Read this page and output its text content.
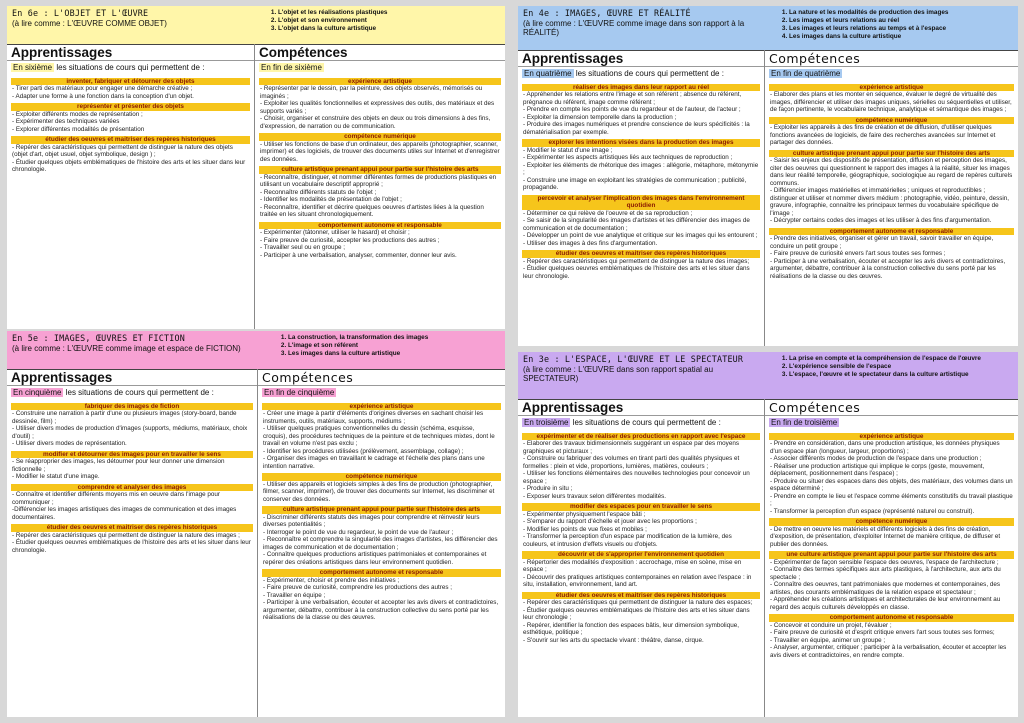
En 6e : L'OBJET ET L'ŒUVRE
(à lire comme : L'ŒUVRE COMME OBJET)
1. L'objet et les réalisations plastiques
2. L'objet et son environnement
3. L'objet dans la culture artistique
Apprentissages
En sixième les situations de cours qui permettent de :
inventer, fabriquer et détourner des objets
- Tirer parti des matériaux pour engager une démarche créative ;
- Adapter une forme à une fonction dans la conception d'un objet.
représenter et présenter des objets
- Exploiter différents modes de représentation ;
- Expérimenter des techniques variées
- Explorer différentes modalités de présentation
étudier des oeuvres et maitriser des repères historiques
- Repérer des caractéristiques qui permettent de distinguer la nature des objets (objet d'art, objet usuel, objet symbolique, design ) ;
- Étudier quelques objets emblématiques de l'histoire des arts et les situer dans leur chronologie.
Compétences
En fin de sixième
expérience artistique
- Représenter par le dessin, par la peinture, des objets observés, mémorisés ou imaginés ;
- Exploiter les qualités fonctionnelles et expressives des outils, des matériaux et des supports variés ;
- Choisir, organiser et construire des objets en deux ou trois dimensions à des fins, d'expression, de narration ou de communication.
compétence numérique
- Utiliser les fonctions de base d'un ordinateur, des appareils (photographier, scanner, imprimer) et des logiciels, de trouver des documents utiles sur Internet et d'enregistrer des données.
culture artistique prenant appui pour partie sur l'histoire des arts
- Reconnaître, distinguer, et nommer différentes formes de productions plastiques en utilisant un vocabulaire descriptif approprié ;
- Reconnaître différents statuts de l'objet ;
- Identifier les modalités de présentation de l'objet ;
- Reconnaître, identifier et décrire quelques oeuvres d'artistes liées à la question traitée en les situant chronologiquement.
comportement autonome et responsable
- Expérimenter (tâtonner, utiliser le hasard) et choisir ;
- Faire preuve de curiosité, accepter les productions des autres ;
- Travailler seul ou en groupe ;
- Participer à une verbalisation, analyser, commenter, donner leur avis.
En 5e : IMAGES, ŒUVRES ET FICTION
(à lire comme : L'ŒUVRE comme image et espace de FICTION)
1. La construction, la transformation des images
2. L'image et son référent
3. Les images dans la culture artistique
Apprentissages
En cinquième les situations de cours qui permettent de :
fabriquer des images de fiction
- Construire une narration à partir d'une ou plusieurs images (story-board, bande dessinée, film) ;
- Utiliser divers modes de production d'images (supports, médiums, matériaux, choix d'outil) ;
- Utiliser divers modes de représentation.
modifier et détourner des images pour en travailler le sens
- Se réapproprier des images, les détourner pour leur donner une dimension fictionnelle ;
- Modifier le statut d'une image.
comprendre et analyser des images
- Connaître et identifier différents moyens mis en oeuvre dans l'image pour communiquer ;
-Différencier les images artistiques des images de communication et des images documentaires.
étudier des oeuvres et maitriser des repères historiques
- Repérer des caractéristiques qui permettent de distinguer la nature des images ;
- Étudier quelques oeuvres emblématiques de l'histoire des arts et les situer dans leur chronologie.
Compétences
En fin de cinquième
expérience artistique
- Créer une image à partir d'éléments d'origines diverses en sachant choisir les instruments, outils, matériaux, supports, médiums ;
- Utiliser quelques pratiques conventionnelles du dessin (schéma, esquisse, croquis), des procédures techniques de la peinture et de techniques mixtes, dont le travail en volume n'est pas exclu ;
- Identifier les procédures utilisées (prélèvement, assemblage, collage) ;
- Organiser des images en travaillant le cadrage et l'échelle des plans dans une intention narrative.
compétence numérique
- Utiliser des appareils et logiciels simples à des fins de production (photographier, filmer, scanner, imprimer), de trouver des documents sur Internet, les discriminer et conserver des données.
culture artistique prenant appui pour partie sur l'histoire des arts
- Discriminer différents statuts des images pour comprendre et réinvestir leurs diverses potentialités ;
- Interroger le point de vue du regardeur, le point de vue de l'auteur ;
- Reconnaître et comprendre la singularité des images d'artistes, les différencier des images de communication et de documentation ;
- Connaître quelques productions artistiques patrimoniales et contemporaines et repérer des créations artistiques dans leur environnement quotidien.
comportement autonome et responsable
- Expérimenter, choisir et prendre des initiatives ;
- Faire preuve de curiosité, comprendre les productions des autres ;
- Travailler en équipe ;
- Participer à une verbalisation, écouter et accepter les avis divers et contradictoires, argumenter, débattre, contribuer à la construction collective du sens porté par les réalisations de la classe ou des œuvres.
En 4e : IMAGES, ŒUVRE ET RÉALITÉ
(à lire comme : L'ŒUVRE comme image dans son rapport à la RÉALITÉ)
1. La nature et les modalités de production des images
2. Les images et leurs relations au réel
3. Les images et leurs relations au temps et à l'espace
4. Les images dans la culture artistique
Apprentissages
En quatrième les situations de cours qui permettent de :
réaliser des images dans leur rapport au réel
- Appréhender les relations entre l'image et son référent ; absence du référent, prégnance du référent, image comme référent ;
- Prendre en compte les points de vue du regardeur et de l'auteur, de l'acteur ;
- Exploiter la dimension temporelle dans la production ;
- Produire des images numériques et prendre conscience de leurs spécificités : la dématérialisation par exemple.
explorer les intentions visées dans la production des images
- Modifier le statut d'une image ;
- Expérimenter les aspects artistiques liés aux techniques de reproduction ;
- Exploiter les éléments de rhétorique des images : allégorie, métaphore, métonymie ;
- Construire une image en exploitant les stratégies de communication ; publicité, propagande.
percevoir et analyser l'implication des images dans l'environnement quotidien
- Déterminer ce qui relève de l'oeuvre et de sa reproduction ;
- Se saisir de la singularité des images d'artistes et les différencier des images de communication et de documentation ;
- Développer un point de vue analytique et critique sur les images qui les entourent ;
- Utiliser des images à des fins d'argumentation.
étudier des oeuvres et maitriser des repères historiques
- Repérer des caractéristiques qui permettent de distinguer la nature des images;
- Étudier quelques oeuvres emblématiques de l'histoire des arts et les situer dans leur chronologie.
Compétences
En fin de quatrième
expérience artistique
- Elaborer des plans et les monter en séquence, évaluer le degré de virtualité des images, différencier et utiliser des images uniques, sérielles ou séquentielles et utiliser, de façon pertinente, le vocabulaire technique, analytique et sémantique des images ;
compétence numérique
- Exploiter les appareils à des fins de création et de diffusion, d'utiliser quelques fonctions avancées de logiciels, de faire des recherches avancées sur Internet et partager des données.
culture artistique prenant appui pour partie sur l'histoire des arts
- Saisir les enjeux des dispositifs de présentation, diffusion et perception des images, citer des oeuvres qui questionnent le rapport des images à la réalité, situer les images dans leur réalité temporelle, géographique, sociologique au regard de repères culturels communs.
- Différencier images matérielles et immatérielles ; uniques et reproductibles ; distinguer et utiliser et nommer divers médium : photographie, vidéo, peinture, dessin, gravure, infographie, connaître les principaux termes du vocabulaire spécifique de l'image ;
- Décrypter certains codes des images et les utiliser à des fins d'argumentation.
comportement autonome et responsable
- Prendre des initiatives, organiser et gérer un travail, savoir travailler en équipe, conduire un petit groupe ;
- Faire preuve de curiosité envers l'art sous toutes ses formes ;
- Participer à une verbalisation, écouter et accepter les avis divers et contradictoires, argumenter, débattre, contribuer à la construction collective du sens porté par les réalisations de la classe ou des œuvres.
En 3e : L'ESPACE, L'ŒUVRE ET LE SPECTATEUR
(à lire comme : L'ŒUVRE dans son rapport spatial au SPECTATEUR)
1. La prise en compte et la compréhension de l'espace de l'œuvre
2. L'expérience sensible de l'espace
3. L'espace, l'œuvre et le spectateur dans la culture artistique
Apprentissages
En troisième les situations de cours qui permettent de :
expérimenter et de réaliser des productions en rapport avec l'espace
- Elaborer des travaux bidimensionnels suggérant un espace par des moyens graphiques et picturaux ;
- Construire ou fabriquer des volumes en tirant parti des qualités physiques et formelles : plein et vide, proportions, lumières, matières, couleurs ;
- Utiliser les fonctions élémentaires des nouvelles technologies pour concevoir un espace ;
- Produire in situ ;
- Exposer leurs travaux selon différentes modalités.
modifier des espaces pour en travailler le sens
- Expérimenter physiquement l'espace bâti ;
- S'emparer du rapport d'échelle et jouer avec les proportions ;
- Modifier les points de vue fixes et mobiles ;
- Transformer la perception d'un espace par modification de la lumière, des couleurs, et intrusion d'effets visuels ou d'objets.
découvrir et de s'approprier l'environnement quotidien
- Répertorier des modalités d'exposition : accrochage, mise en scène, mise en espace ;
- Découvrir des pratiques artistiques contemporaines en relation avec l'espace : in situ, installation, environnement, land art.
étudier des oeuvres et maitriser des repères historiques
- Repérer des caractéristiques qui permettent de distinguer la nature des espaces;
- Étudier quelques oeuvres emblématiques de l'histoire des arts et les situer dans leur chronologie ;
- Repérer, identifier la fonction des espaces bâtis, leur dimension symbolique, esthétique, politique ;
- S'ouvrir sur les arts du spectacle vivant : théâtre, danse, cirque.
Compétences
En fin de troisième
expérience artistique
- Prendre en considération, dans une production artistique, les données physiques d'un espace plan (longueur, largeur, proportions) ;
- Associer différents modes de production de l'espace dans une production ;
- Réaliser une production artistique qui implique le corps (geste, mouvement, déplacement, positionnement dans l'espace) ;
- Produire ou situer des espaces dans des objets, des matériaux, des volumes dans un espace déterminé ;
- Prendre en compte le lieu et l'espace comme éléments constitutifs du travail plastique ;
- Transformer la perception d'un espace (représenté naturel ou construit).
compétence numérique
- De mettre en oeuvre les matériels et différents logiciels à des fins de création, d'exposition, de présentation, d'exploiter Internet de manière critique, de diffuser et publier des données.
une culture artistique prenant appui pour partie sur l'histoire des arts
- Expérimenter de façon sensible l'espace des oeuvres, l'espace de l'architecture ;
- Connaître des termes spécifiques aux arts plastiques, à l'architecture, aux arts du spectacle ;
- Connaître des oeuvres, tant patrimoniales que modernes et contemporaines, des artistes, des courants emblématiques de la relation espace et spectateur ;
- Appréhender les créations artistiques et architecturales de leur environnement au regard des acquis culturels développés en classe.
comportement autonome et responsable
- Concevoir et conduire un projet, l'évaluer ;
- Faire preuve de curiosité et d'esprit critique envers l'art sous toutes ses formes;
- Travailler en équipe, animer un groupe ;
- Analyser, argumenter, critiquer ; participer à la verbalisation, écouter et accepter les avis divers et contradictoires, en rendre compte.
